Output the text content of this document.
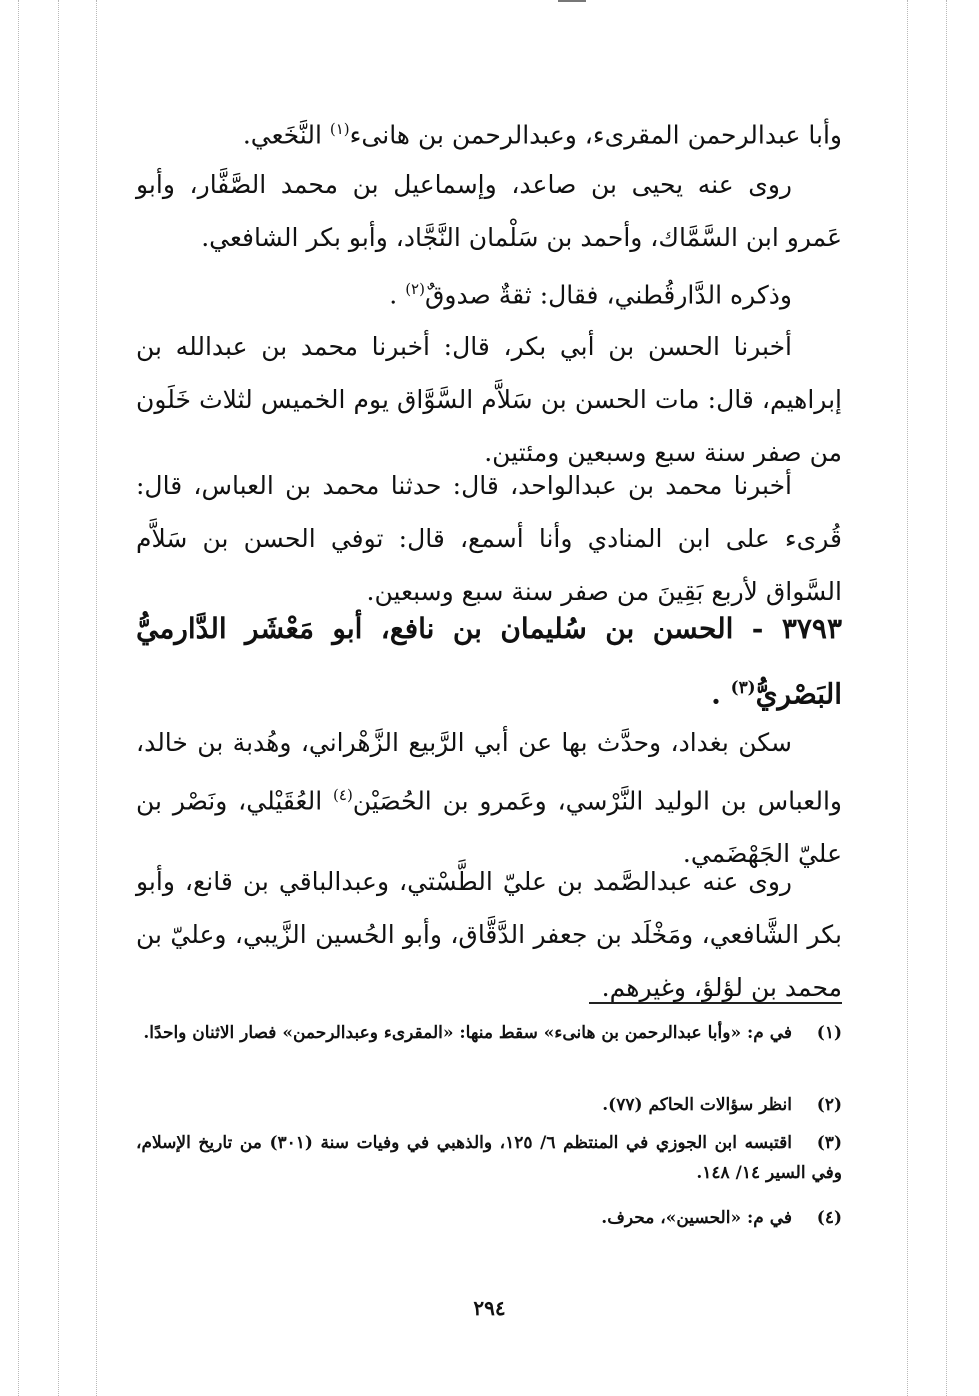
وأبا عبدالرحمن المقرىء، وعبدالرحمن بن هانىء$^{(١)}$ النَّخَعي.

روى عنه يحيى بن صاعد، وإسماعيل بن محمد الصَّفَّار، وأبو عَمرو ابن السَّمَّاك، وأحمد بن سَلْمان النَّجَّاد، وأبو بكر الشافعي.

وذكره الدَّارقُطني، فقال: ثقةٌ صدوقٌ$^{(٢)}$ .

أخبرنا الحسن بن أبي بكر، قال: أخبرنا محمد بن عبدالله بن إبراهيم، قال: مات الحسن بن سَلاَّم السَّوَّاق يوم الخميس لثلاث خَلَون من صفر سنة سبع وسبعين ومئتين.

أخبرنا محمد بن عبدالواحد، قال: حدثنا محمد بن العباس، قال: قُرىء على ابن المنادي وأنا أسمع، قال: توفي الحسن بن سَلاَّم السَّواق لأربع بَقِينَ من صفر سنة سبع وسبعين.

٣٧٩٣ - الحسن بن سُليمان بن نافع، أبو مَعْشَر الدَّارميُّ البَصْريُّ$^{(٣)}$ .

سكن بغداد، وحدَّث بها عن أبي الرَّبيع الزَّهْراني، وهُدبة بن خالد، والعباس بن الوليد النَّرْسي، وعَمرو بن الحُصَيْن$^{(٤)}$ العُقَيْلي، ونَصْر بن عليّ الجَهْضَمي.

روى عنه عبدالصَّمد بن عليّ الطَّسْتي، وعبدالباقي بن قانع، وأبو بكر الشَّافعي، ومَخْلَد بن جعفر الدَّقَّاق، وأبو الحُسين الزَّيبي، وعليّ بن محمد بن لؤلؤ، وغيرهم.

(١)في م: «وأبا عبدالرحمن بن هانىء» سقط منها: «المقرىء وعبدالرحمن» فصار الاثنان واحدًا.

(٢)انظر سؤالات الحاكم (٧٧).

(٣)اقتبسه ابن الجوزي في المنتظم ٦/ ١٢٥، والذهبي في وفيات سنة (٣٠١) من تاريخ الإسلام، وفي السير ١٤/ ١٤٨.

(٤)في م: «الحسين»، محرف.

٢٩٤
